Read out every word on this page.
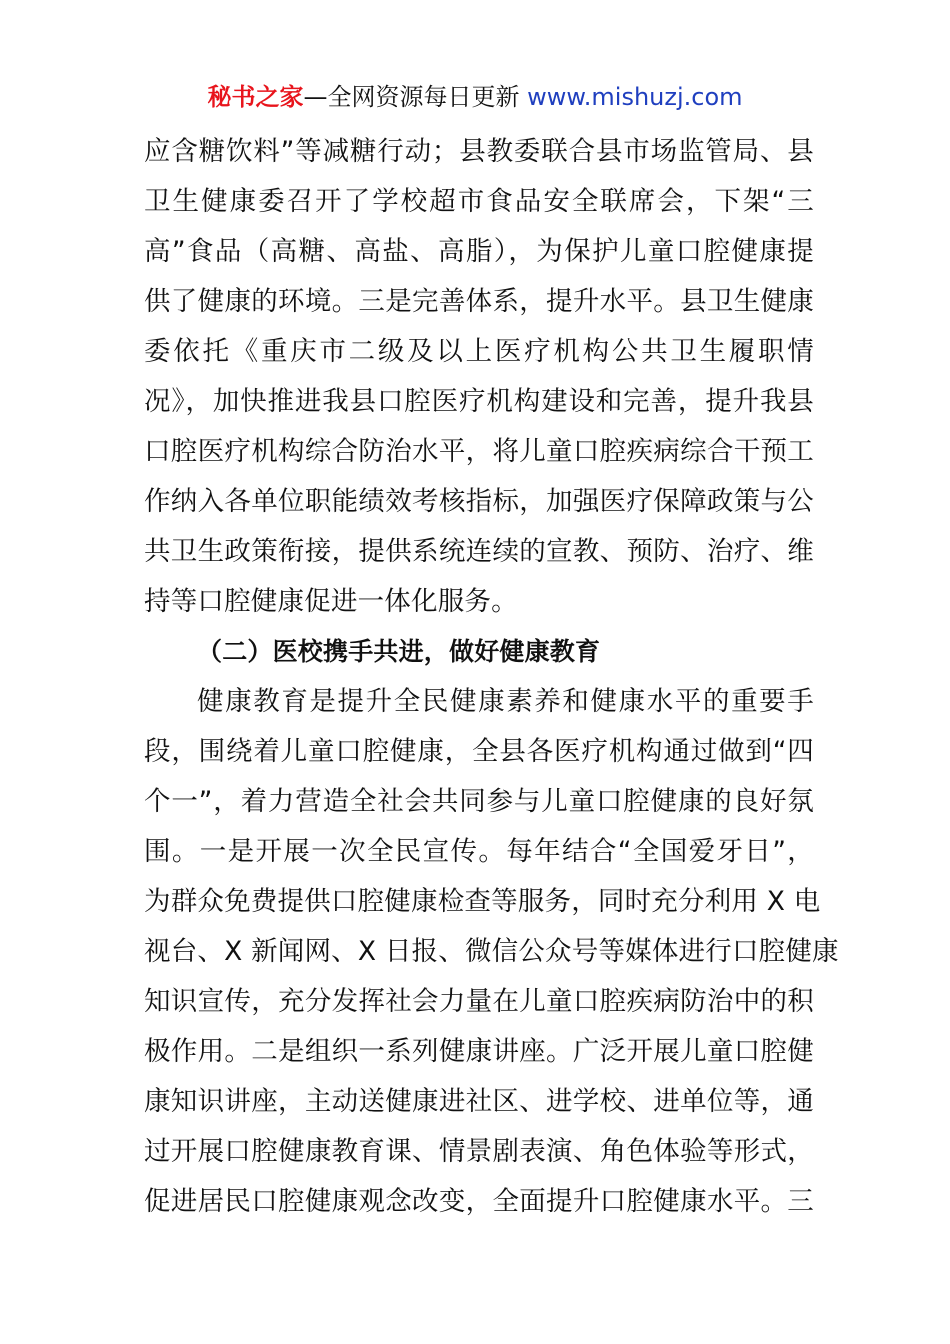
秘书之家—全网资源每日更新 www.mishuzj.com
应含糖饮料”等减糖行动；县教委联合县市场监管局、县
卫生健康委召开了学校超市食品安全联席会，下架“三
高”食品（高糖、高盐、高脂），为保护儿童口腔健康提
供了健康的环境。三是完善体系，提升水平。县卫生健康
委依托《重庆市二级及以上医疗机构公共卫生履职情
况》，加快推进我县口腔医疗机构建设和完善，提升我县
口腔医疗机构综合防治水平，将儿童口腔疾病综合干预工
作纳入各单位职能绩效考核指标，加强医疗保障政策与公
共卫生政策衔接，提供系统连续的宣教、预防、治疗、维
持等口腔健康促进一体化服务。
（二）医校携手共进，做好健康教育
健康教育是提升全民健康素养和健康水平的重要手
段，围绕着儿童口腔健康，全县各医疗机构通过做到“四
个一”，着力营造全社会共同参与儿童口腔健康的良好氛
围。一是开展一次全民宣传。每年结合“全国爱牙日”，
为群众免费提供口腔健康检查等服务，同时充分利用 X 电
视台、X 新闻网、X 日报、微信公众号等媒体进行口腔健康
知识宣传，充分发挥社会力量在儿童口腔疾病防治中的积
极作用。二是组织一系列健康讲座。广泛开展儿童口腔健
康知识讲座，主动送健康进社区、进学校、进单位等，通
过开展口腔健康教育课、情景剧表演、角色体验等形式，
促进居民口腔健康观念改变，全面提升口腔健康水平。三
